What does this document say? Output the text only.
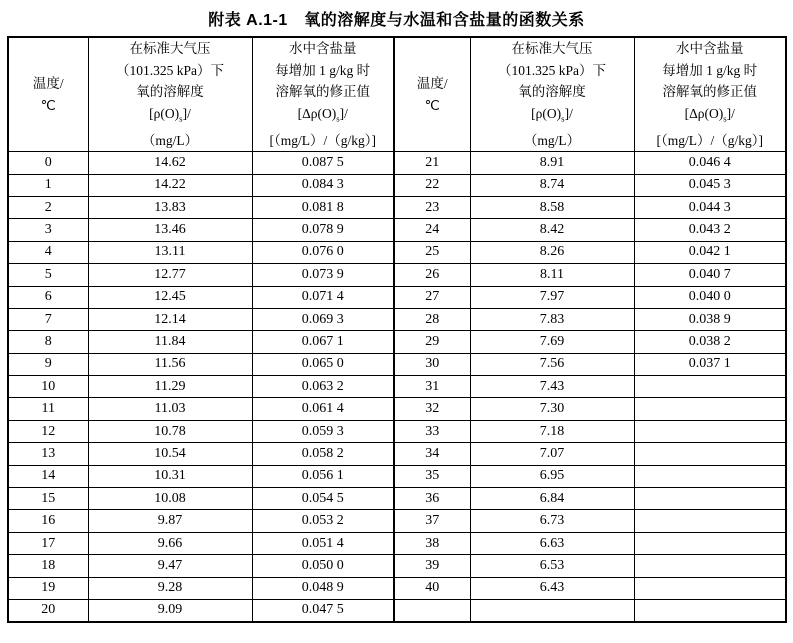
附表 A.1-1　氧的溶解度与水温和含盐量的函数关系
温度/
℃

在标准大气压
（101.325 kPa）下
氧的溶解度
$[\rho(O)_s]/$
（mg/L）

水中含盐量
每增加 1 g/kg 时
溶解氧的修正值
$[\Delta\rho(O)_s]/$
[（mg/L）/（g/kg）]

温度/
℃

在标准大气压
（101.325 kPa）下
氧的溶解度
$[\rho(O)_s]/$
（mg/L）

水中含盐量
每增加 1 g/kg 时
溶解氧的修正值
$[\Delta\rho(O)_s]/$
[（mg/L）/（g/kg）]

0	14.62	0.087 5	21	8.91	0.046 4
1	14.22	0.084 3	22	8.74	0.045 3
2	13.83	0.081 8	23	8.58	0.044 3
3	13.46	0.078 9	24	8.42	0.043 2
4	13.11	0.076 0	25	8.26	0.042 1
5	12.77	0.073 9	26	8.11	0.040 7
6	12.45	0.071 4	27	7.97	0.040 0
7	12.14	0.069 3	28	7.83	0.038 9
8	11.84	0.067 1	29	7.69	0.038 2
9	11.56	0.065 0	30	7.56	0.037 1
10	11.29	0.063 2	31	7.43	
11	11.03	0.061 4	32	7.30	
12	10.78	0.059 3	33	7.18	
13	10.54	0.058 2	34	7.07	
14	10.31	0.056 1	35	6.95	
15	10.08	0.054 5	36	6.84	
16	9.87	0.053 2	37	6.73	
17	9.66	0.051 4	38	6.63	
18	9.47	0.050 0	39	6.53	
19	9.28	0.048 9	40	6.43	
20	9.09	0.047 5			
